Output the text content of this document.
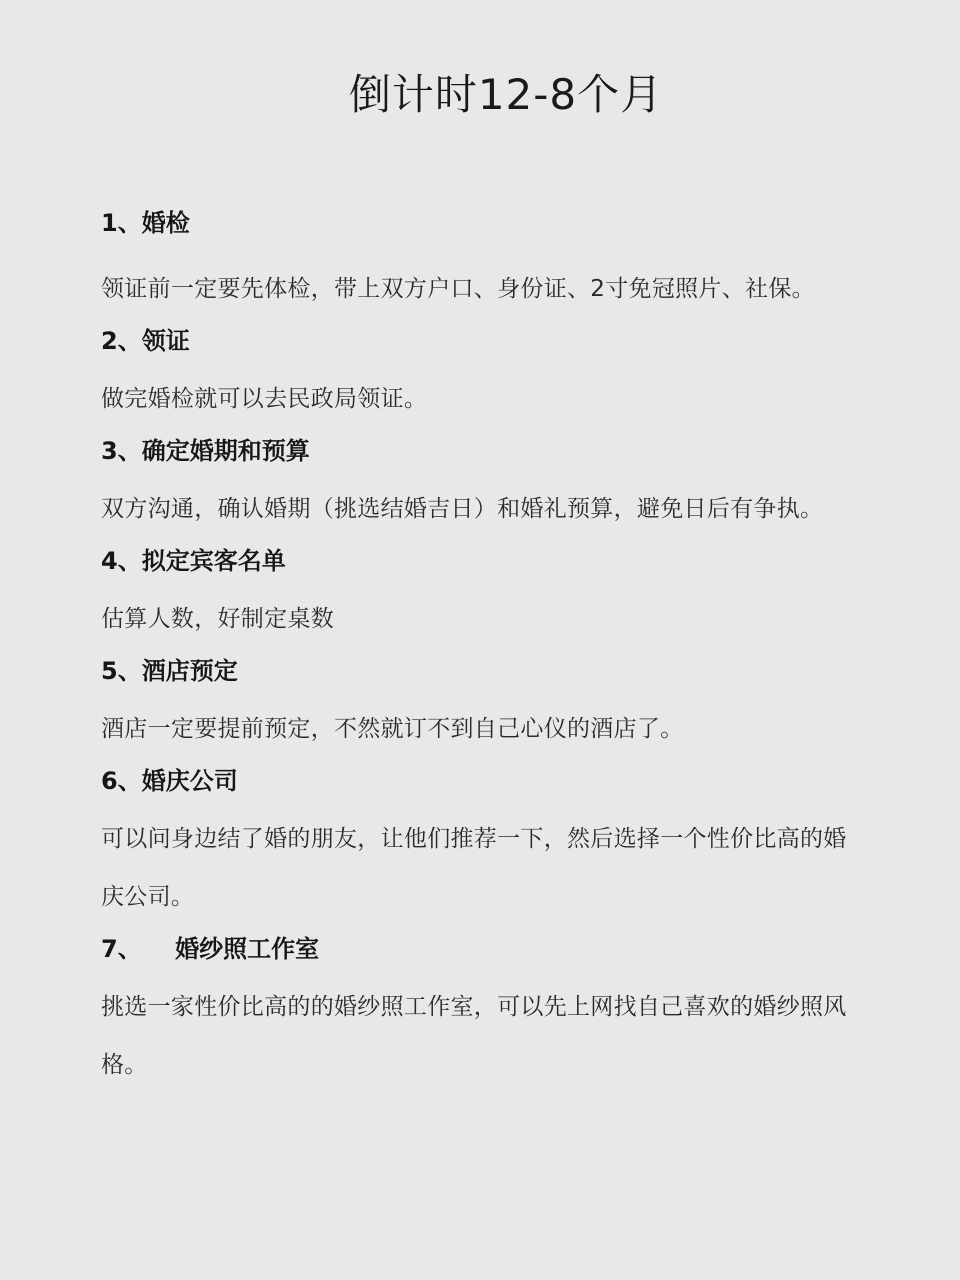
倒计时12-8个月
1、婚检
领证前一定要先体检，带上双方户口、身份证、2寸免冠照片、社保。
2、领证
做完婚检就可以去民政局领证。
3、确定婚期和预算
双方沟通，确认婚期（挑选结婚吉日）和婚礼预算，避免日后有争执。
4、拟定宾客名单
估算人数，好制定桌数
5、酒店预定
酒店一定要提前预定，不然就订不到自己心仪的酒店了。
6、婚庆公司
可以问身边结了婚的朋友，让他们推荐一下，然后选择一个性价比高的婚庆公司。
7、    婚纱照工作室
挑选一家性价比高的的婚纱照工作室，可以先上网找自己喜欢的婚纱照风格。
